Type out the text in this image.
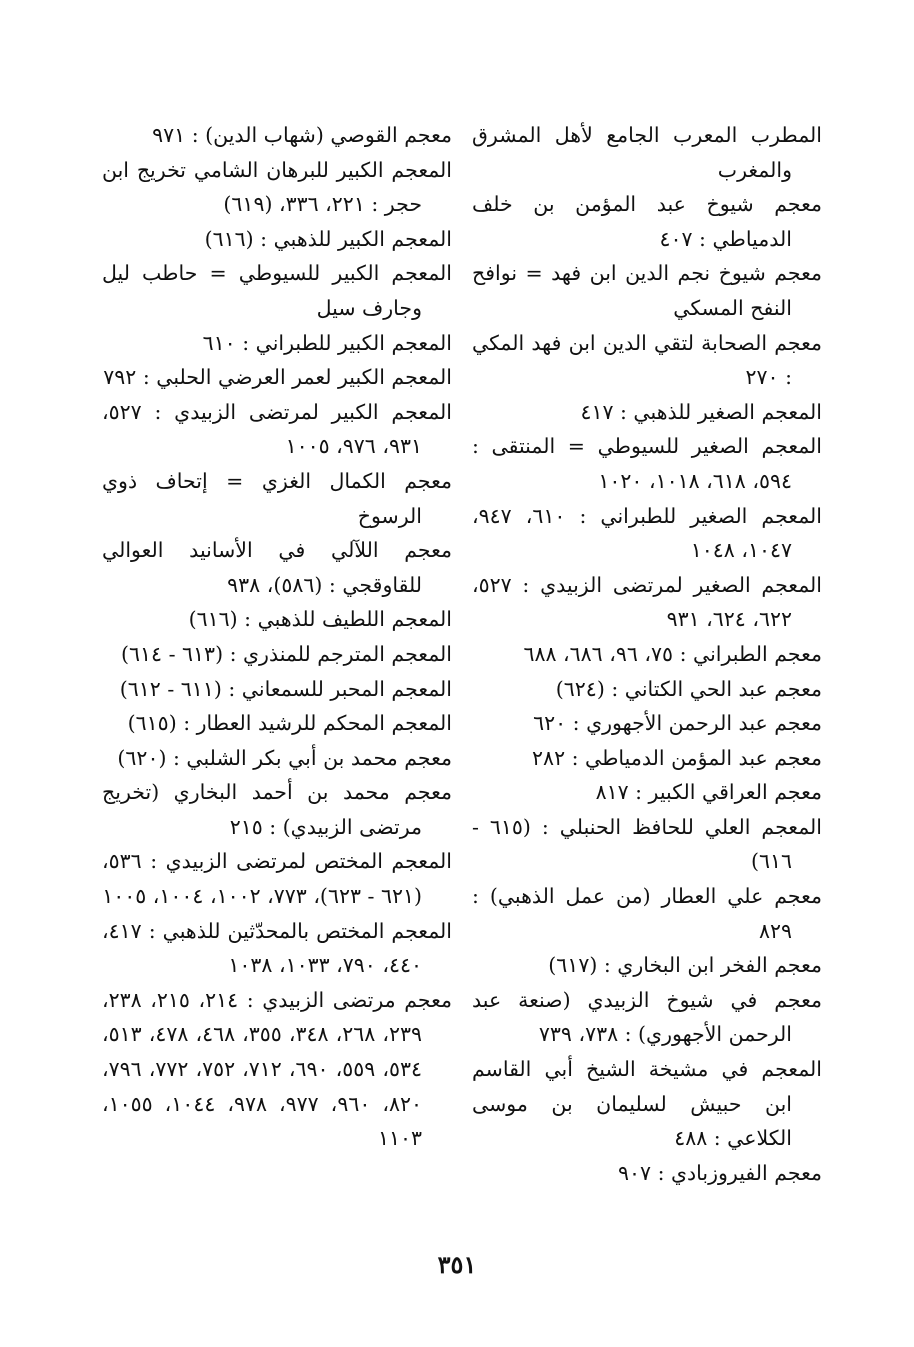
المطرب المعرب الجامع لأهل المشرق والمغرب

معجم شيوخ عبد المؤمن بن خلف الدمياطي : ٤٠٧

معجم شيوخ نجم الدين ابن فهد = نوافح النفح المسكي

معجم الصحابة لتقي الدين ابن فهد المكي : ٢٧٠

المعجم الصغير للذهبي : ٤١٧

المعجم الصغير للسيوطي = المنتقى : ٥٩٤، ٦١٨، ١٠١٨، ١٠٢٠

المعجم الصغير للطبراني : ٦١٠، ٩٤٧، ١٠٤٧، ١٠٤٨

المعجم الصغير لمرتضى الزبيدي : ٥٢٧، ٦٢٢، ٦٢٤، ٩٣١

معجم الطبراني : ٧٥، ٩٦، ٦٨٦، ٦٨٨

معجم عبد الحي الكتاني : (٦٢٤)

معجم عبد الرحمن الأجهوري : ٦٢٠

معجم عبد المؤمن الدمياطي : ٢٨٢

معجم العراقي الكبير : ٨١٧

المعجم العلي للحافظ الحنبلي : (٦١٥ - ٦١٦)

معجم علي العطار (من عمل الذهبي) : ٨٢٩

معجم الفخر ابن البخاري : (٦١٧)

معجم في شيوخ الزبيدي (صنعة عبد الرحمن الأجهوري) : ٧٣٨، ٧٣٩

المعجم في مشيخة الشيخ أبي القاسم ابن حبيش لسليمان بن موسى الكلاعي : ٤٨٨

معجم الفيروزبادي : ٩٠٧

معجم القوصي (شهاب الدين) : ٩٧١

المعجم الكبير للبرهان الشامي تخريج ابن حجر : ٢٢١، ٣٣٦، (٦١٩)

المعجم الكبير للذهبي : (٦١٦)

المعجم الكبير للسيوطي = حاطب ليل وجارف سيل

المعجم الكبير للطبراني : ٦١٠

المعجم الكبير لعمر العرضي الحلبي : ٧٩٢

المعجم الكبير لمرتضى الزبيدي : ٥٢٧، ٩٣١، ٩٧٦، ١٠٠٥

معجم الكمال الغزي = إتحاف ذوي الرسوخ

معجم اللآلي في الأسانيد العوالي للقاوقجي : (٥٨٦)، ٩٣٨

المعجم اللطيف للذهبي : (٦١٦)

المعجم المترجم للمنذري : (٦١٣ - ٦١٤)

المعجم المحبر للسمعاني : (٦١١ - ٦١٢)

المعجم المحكم للرشيد العطار : (٦١٥)

معجم محمد بن أبي بكر الشلبي : (٦٢٠)

معجم محمد بن أحمد البخاري (تخريج مرتضى الزبيدي) : ٢١٥

المعجم المختص لمرتضى الزبيدي : ٥٣٦، (٦٢١ - ٦٢٣)، ٧٧٣، ١٠٠٢، ١٠٠٤، ١٠٠٥

المعجم المختص بالمحدّثين للذهبي : ٤١٧، ٤٤٠، ٧٩٠، ١٠٣٣، ١٠٣٨

معجم مرتضى الزبيدي : ٢١٤، ٢١٥، ٢٣٨، ٢٣٩، ٢٦٨، ٣٤٨، ٣٥٥، ٤٦٨، ٤٧٨، ٥١٣، ٥٣٤، ٥٥٩، ٦٩٠، ٧١٢، ٧٥٢، ٧٧٢، ٧٩٦، ٨٢٠، ٩٦٠، ٩٧٧، ٩٧٨، ١٠٤٤، ١٠٥٥، ١١٠٣

٣٥١
